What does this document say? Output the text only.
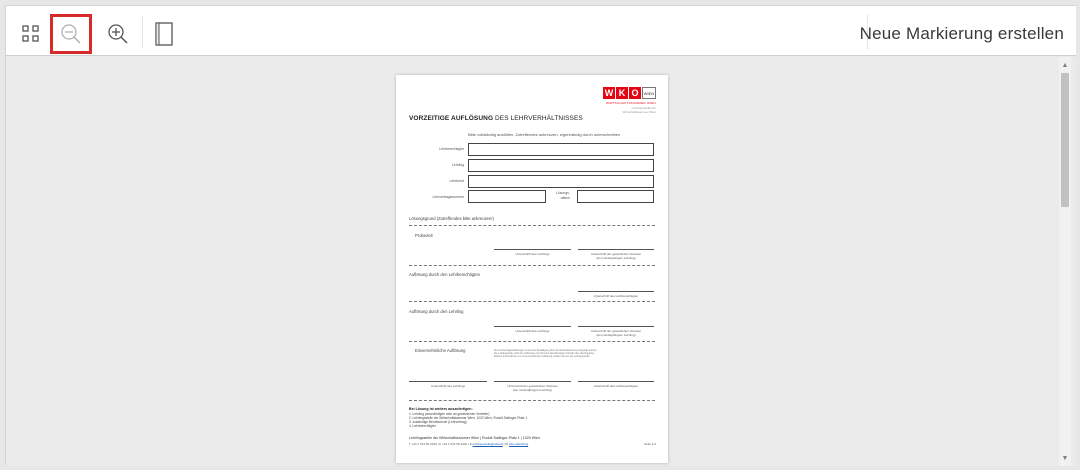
Neue Markierung erstellen
W K O	WIEN
WIRTSCHAFTSKAMMER WIEN
Lehrlingsstelle der
Wirtschaftskammer Wien
VORZEITIGE AUFLÖSUNG DES LEHRVERHÄLTNISSES
Bitte vollständig ausfüllen, Zutreffendes ankreuzen, eigenhändig durch unterschreiben
Lehrberechtigter
Lehrling
Lehrberuf
Lehrvertragsnummer
Lösungs-
datum
Lösungsgrund (Zutreffendes bitte ankreuzen!)
Probezeit
Unterschrift des Lehrlings	Unterschrift der gesetzlichen Vertreter
(bei minderjährigem Lehrling)
Auflösung durch den Lehrberechtigten
Unterschrift des Lehrberechtigten
Auflösung durch den Lehrling
Unterschrift des Lehrlings	Unterschrift der gesetzlichen Vertreter
(bei minderjährigem Lehrling)
Einvernehmliche Auflösung	Bei Lehrvertragsauflösungen muss eine Bestätigung über die Rechtsbelehrung beigelegt werden.
Die Lehrlingsstelle prüft die Auflösung und informiert alle Beteiligten zeitnah über das Ergebnis.
Weitere Informationen zur einvernehmlichen Auflösung erhalten Sie bei der Lehrlingsstelle.
Unterschrift des Lehrlings	Unterschrift der gesetzlichen Vertreter
(bei minderjährigem Lehrling)
Unterschrift des Lehrberechtigten
Bei Lösung ist weiters auszufertigen:
1. Lehrling (auszufertigen oder an gesetzlichen Vertreter)
2. Lehrlingsstelle der Wirtschaftskammer Wien, 1020 Wien, Rudolf-Sallinger-Platz 1
3. zuständige Berufsschule (Lehrvertrag)
4. Lehrberechtigter
Lehrlingsstelle der Wirtschaftskammer Wien | Rudolf-Sallinger-Platz 1 | 1020 Wien
T +43 1 514 50-2010 | F +43 1 514 50-1420 | E lehrlingsstelle@wkw.at | W wko.at/lehrling	Seite 1/1
▲
▼
